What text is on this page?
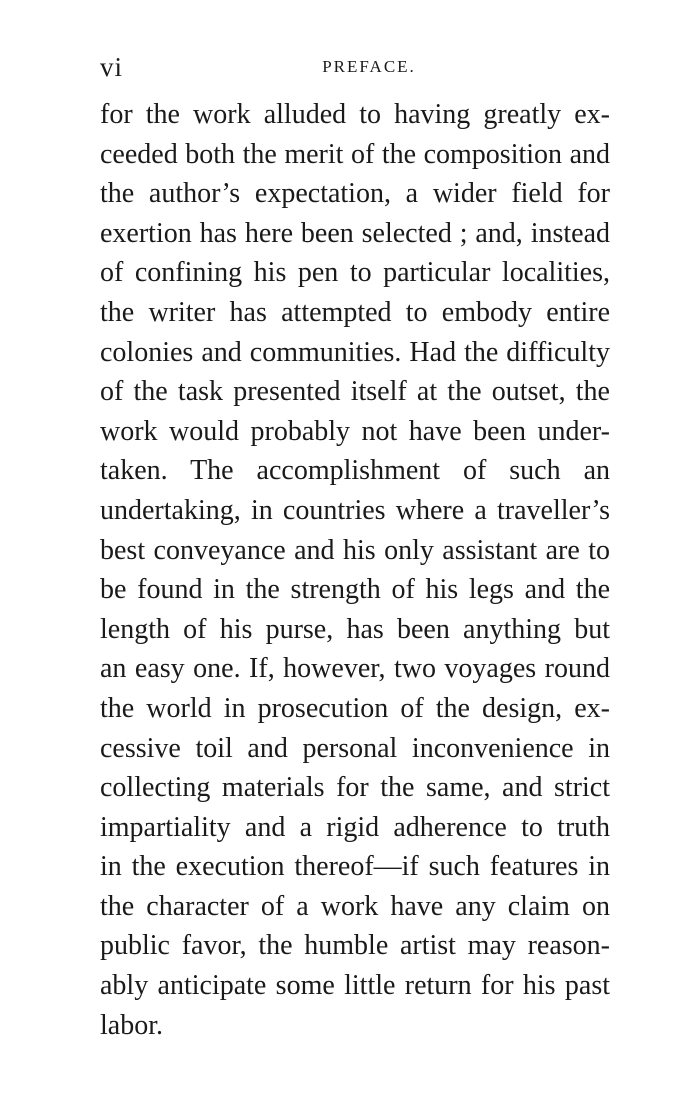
vi	PREFACE.
for the work alluded to having greatly ex-
ceeded both the merit of the composition and
the author’s expectation, a wider field for
exertion has here been selected ; and, instead
of confining his pen to particular localities,
the writer has attempted to embody entire
colonies and communities. Had the difficulty
of the task presented itself at the outset, the
work would probably not have been under-
taken. The accomplishment of such an
undertaking, in countries where a traveller’s
best conveyance and his only assistant are to
be found in the strength of his legs and the
length of his purse, has been anything but
an easy one. If, however, two voyages round
the world in prosecution of the design, ex-
cessive toil and personal inconvenience in
collecting materials for the same, and strict
impartiality and a rigid adherence to truth
in the execution thereof—if such features in
the character of a work have any claim on
public favor, the humble artist may reason-
ably anticipate some little return for his past
labor.
